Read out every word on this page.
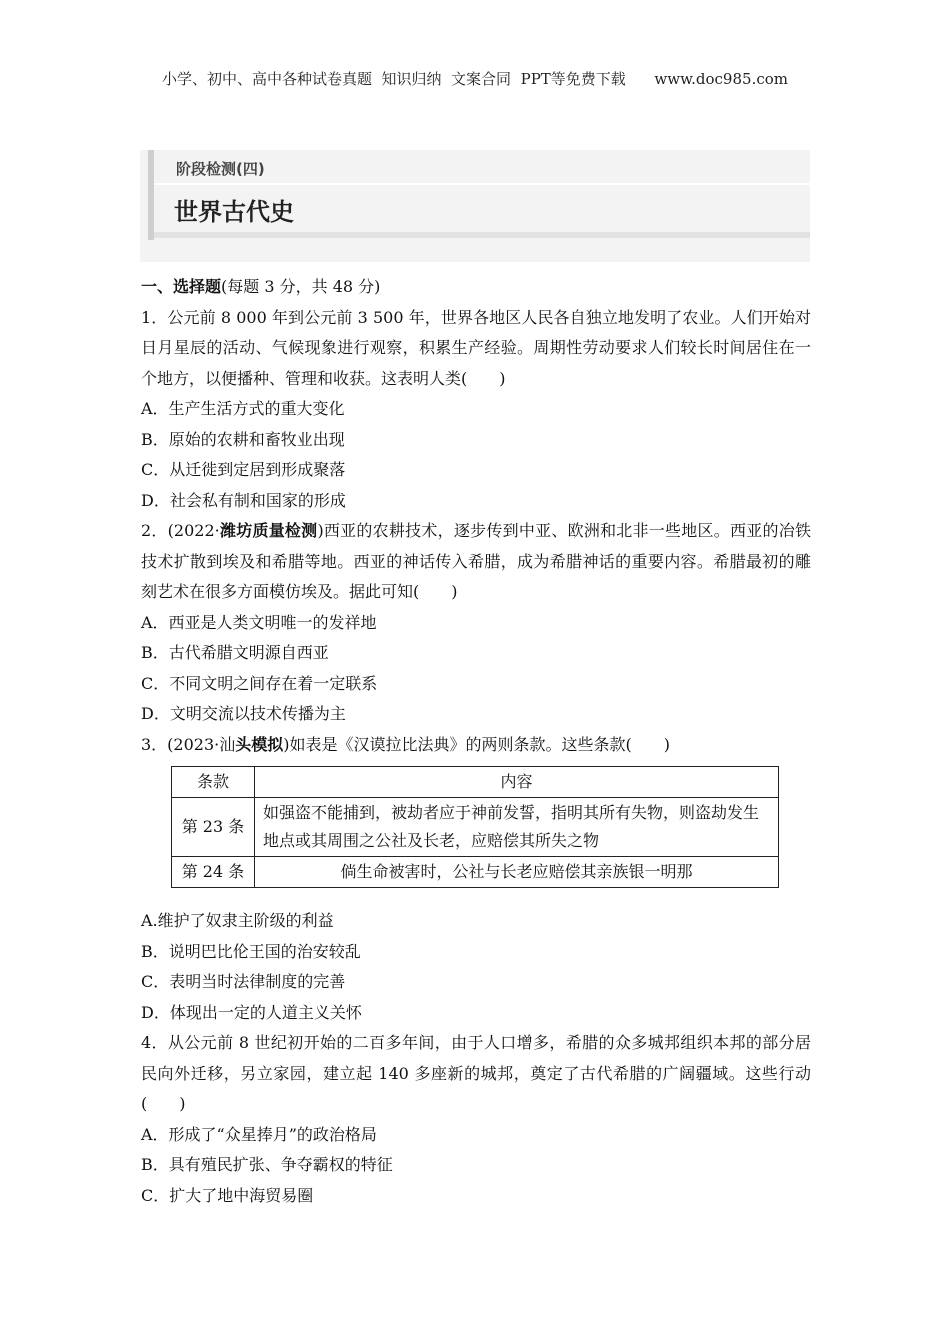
小学、初中、高中各种试卷真题  知识归纳  文案合同  PPT等免费下载      www.doc985.com
阶段检测(四)
世界古代史

一、选择题(每题 3 分，共 48 分)

1．公元前 8 000 年到公元前 3 500 年，世界各地区人民各自独立地发明了农业。人们开始对日月星辰的活动、气候现象进行观察，积累生产经验。周期性劳动要求人们较长时间居住在一个地方，以便播种、管理和收获。这表明人类(　　)

A．生产生活方式的重大变化

B．原始的农耕和畜牧业出现

C．从迁徙到定居到形成聚落

D．社会私有制和国家的形成

2．(2022·潍坊质量检测)西亚的农耕技术，逐步传到中亚、欧洲和北非一些地区。西亚的冶铁技术扩散到埃及和希腊等地。西亚的神话传入希腊，成为希腊神话的重要内容。希腊最初的雕刻艺术在很多方面模仿埃及。据此可知(　　)

A．西亚是人类文明唯一的发祥地

B．古代希腊文明源自西亚

C．不同文明之间存在着一定联系

D．文明交流以技术传播为主

3．(2023·汕头模拟)如表是《汉谟拉比法典》的两则条款。这些条款(　　)

条款	内容
第 23 条	如强盗不能捕到，被劫者应于神前发誓，指明其所有失物，则盗劫发生地点或其周围之公社及长老，应赔偿其所失之物
第 24 条	倘生命被害时，公社与长老应赔偿其亲族银一明那

A.维护了奴隶主阶级的利益

B．说明巴比伦王国的治安较乱

C．表明当时法律制度的完善

D．体现出一定的人道主义关怀

4．从公元前 8 世纪初开始的二百多年间，由于人口增多，希腊的众多城邦组织本邦的部分居民向外迁移，另立家园，建立起 140 多座新的城邦，奠定了古代希腊的广阔疆域。这些行动(　　)

A．形成了“众星捧月”的政治格局

B．具有殖民扩张、争夺霸权的特征

C．扩大了地中海贸易圈
